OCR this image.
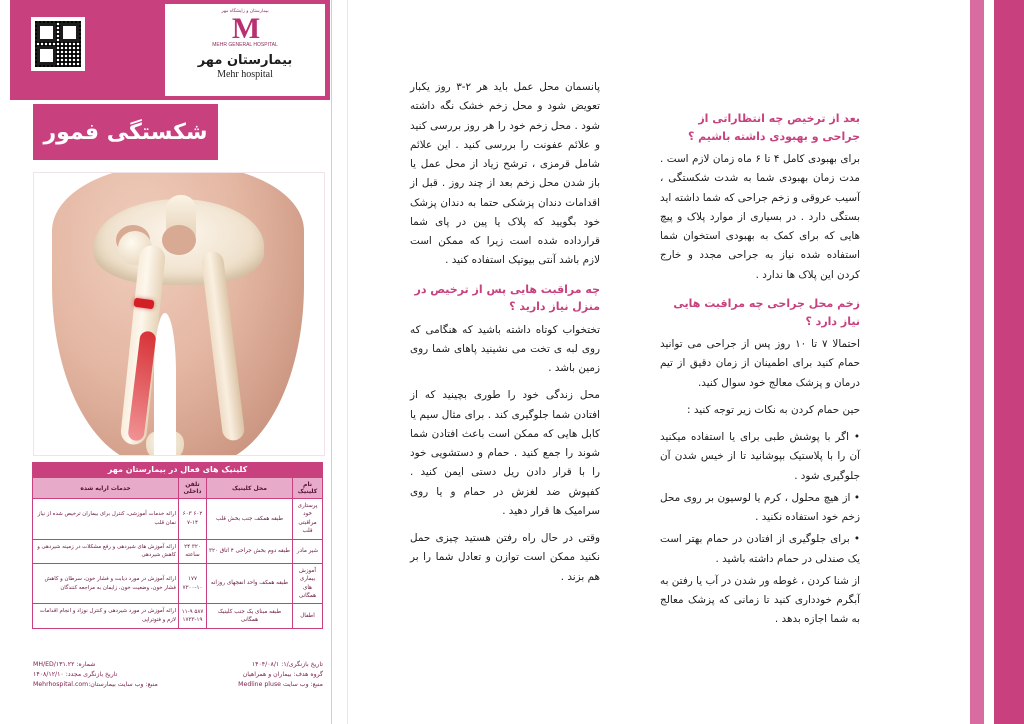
بیمارستان و زایشگاه مهر
M
MEHR GENERAL HOSPITAL
بیمارستان مهر
Mehr hospital
شکستگی فمور
کلینیک های فعال در بیمارستان مهر
نام کلینیک	محل کلینیک	تلفن داخلی	خدمات ارایه شده
پرستاری خود مراقبتی قلب	طبقه همکف جنب بخش قلب	۶۰۲ ۶۰۳ ۷-۱۴	ارائه خدمات آموزشی، کنترل برای بیماران ترخیص شده از نیاز نمان قلب
شیر مادر	طبقه دوم بخش جراحی ۴ اتاق ۳۲۰	۳۲۰ ۲۴ ساعته	ارائه آموزش های شیردهی و رفع مشکلات در زمینه شیردهی و کاهش شیردهی
آموزش بیماری های همگانی	طبقه همکف واحد انفجهای روزانه	۱۷۷ ۷۳۰۰-۱۰	ارائه آموزش در مورد دیابت و فشار خون، سرطان و کاهش فشار خون، وضعیت خون، زایمان به مراجعه کنندگان
اطفال	طبقه مبنای یک جنب کلینیک همگانی	۵۸۷ ۱۱-۹ ۱۷۳۳-۱۹	ارائه آموزش در مورد شیردهی و کنترل نوزاد و انجام اقدامات لازم و فتوتراپی
تاریخ بازنگری/۱: ۱۴۰۴/۰۸/۱
شماره: MH/ED/۱۳۱.۲۲
گروه هدف: بیماران و همراهیان
تاریخ بازنگری مجدد: ۱۴۰۸/۱۲/۱۰
منبع: وب سایت Medline pluse
منبع: وب سایت بیمارستان:Mehrhospital.com

پانسمان محل عمل باید هر ۲-۳ روز یکبار تعویض شود و محل زخم خشک نگه داشته شود . محل زخم خود را هر روز بررسی کنید و علائم عفونت را بررسی کنید . این علائم شامل قرمزی ، ترشح زیاد از محل عمل یا باز شدن محل زخم بعد از چند روز . قبل از اقدامات دندان پزشکی حتما به دندان پزشک خود بگویید که پلاک یا پین در پای شما قرارداده شده است زیرا که ممکن است لازم باشد آنتی بیوتیک استفاده کنید .

چه مراقبت هایی پس از ترخیص در منزل نیاز دارید ؟

تختخواب کوتاه داشته باشید که هنگامی که روی لبه ی تخت می نشینید پاهای شما روی زمین باشد .

محل زندگی خود را طوری بچینید که از افتادن شما جلوگیری کند . برای مثال سیم یا کابل هایی که ممکن است باعث افتادن شما شوند را جمع کنید . حمام و دستشویی خود را با قرار دادن ریل دستی ایمن کنید . کفپوش ضد لغزش در حمام و یا روی سرامیک ها قرار دهید .

وقتی در حال راه رفتن هستید چیزی حمل نکنید ممکن است توازن و تعادل شما را بر هم بزند .

بعد از ترخیص چه انتظاراتی از جراحی و بهبودی داشته باشیم ؟

برای بهبودی کامل ۴ تا ۶ ماه زمان لازم است . مدت زمان بهبودی شما به شدت شکستگی ، آسیب عروقی و زخم جراحی که شما داشته اید بستگی دارد . در بسیاری از موارد پلاک و پیچ هایی که برای کمک به بهبودی استخوان شما استفاده شده نیاز به جراحی مجدد و خارج کردن این پلاک ها ندارد .

زخم محل جراحی چه مراقبت هایی نیاز دارد ؟

احتمالا ۷ تا ۱۰ روز پس از جراحی می توانید حمام کنید برای اطمینان از زمان دقیق از تیم درمان و پزشک معالج خود سوال کنید.

حین حمام کردن به نکات زیر توجه کنید :

• اگر با پوشش طبی برای یا استفاده میکنید آن را با پلاستیک بپوشانید تا از خیس شدن آن جلوگیری شود .
• از هیچ محلول ، کرم یا لوسیون بر روی محل زخم خود استفاده نکنید .
• برای جلوگیری از افتادن در حمام بهتر است یک صندلی در حمام داشته باشید .

از شنا کردن ، غوطه ور شدن در آب یا رفتن به آبگرم خودداری کنید تا زمانی که پزشک معالج به شما اجازه بدهد .
